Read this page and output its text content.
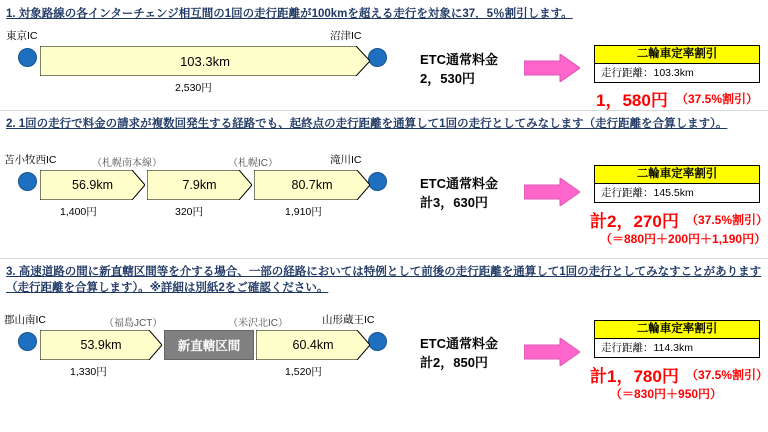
1. 対象路線の各インターチェンジ相互間の1回の走行距離が100kmを超える走行を対象に37．5％割引します。
東京IC	沼津IC
103.3km
2,530円
ETC通常料金
2，530円
二輪車定率割引
走行距離：103.3km
1，580円 （37.5%割引）
2. 1回の走行で料金の請求が複数回発生する経路でも、起終点の走行距離を通算して1回の走行としてみなします（走行距離を合算します）。
苫小牧西IC	（札幌南本線）	（札幌IC）	滝川IC
56.9km
1,400円
7.9km
320円
80.7km
1,910円
ETC通常料金
計3，630円
二輪車定率割引
走行距離：145.5km
計2，270円 （37.5%割引）
（＝880円＋200円＋1,190円）
3. 高速道路の間に新直轄区間等を介する場合、一部の経路においては特例として前後の走行距離を通算して1回の走行としてみなすことがあります（走行距離を合算します）。※詳細は別紙2をご確認ください。
郡山南IC	（福島JCT）	（米沢北IC）	山形蔵王IC
53.9km
1,330円
新直轄区間	60.4km
1,520円
ETC通常料金
計2，850円
二輪車定率割引
走行距離：114.3km
計1，780円 （37.5%割引）
（＝830円＋950円）
